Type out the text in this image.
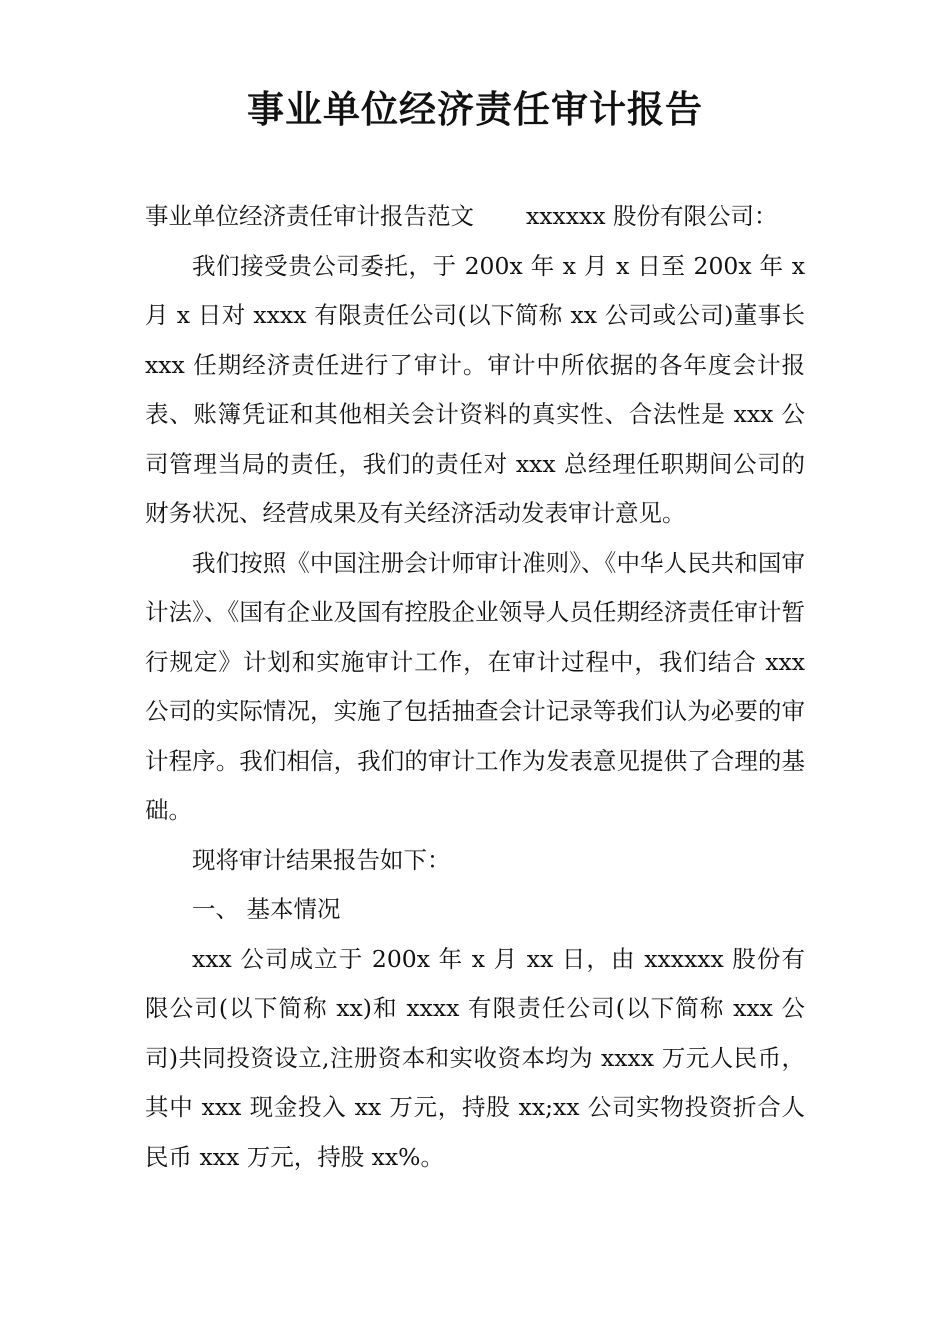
事业单位经济责任审计报告

事业单位经济责任审计报告范文 xxxxxx 股份有限公司：

我们接受贵公司委托，于 200x 年 x 月 x 日至 200x 年 x 月 x 日对 xxxx 有限责任公司(以下简称 xx 公司或公司)董事长 xxx 任期经济责任进行了审计。审计中所依据的各年度会计报表、账簿凭证和其他相关会计资料的真实性、合法性是 xxx 公司管理当局的责任，我们的责任对 xxx 总经理任职期间公司的财务状况、经营成果及有关经济活动发表审计意见。

我们按照《中国注册会计师审计准则》、《中华人民共和国审计法》、《国有企业及国有控股企业领导人员任期经济责任审计暂行规定》计划和实施审计工作，在审计过程中，我们结合 xxx 公司的实际情况，实施了包括抽查会计记录等我们认为必要的审计程序。我们相信，我们的审计工作为发表意见提供了合理的基础。

现将审计结果报告如下：

一、 基本情况

xxx 公司成立于 200x 年 x 月 xx 日，由 xxxxxx 股份有限公司(以下简称 xx)和 xxxx 有限责任公司(以下简称 xxx 公司)共同投资设立,注册资本和实收资本均为 xxxx 万元人民币，其中 xxx 现金投入 xx 万元，持股 xx;xx 公司实物投资折合人民币 xxx 万元，持股 xx%。
